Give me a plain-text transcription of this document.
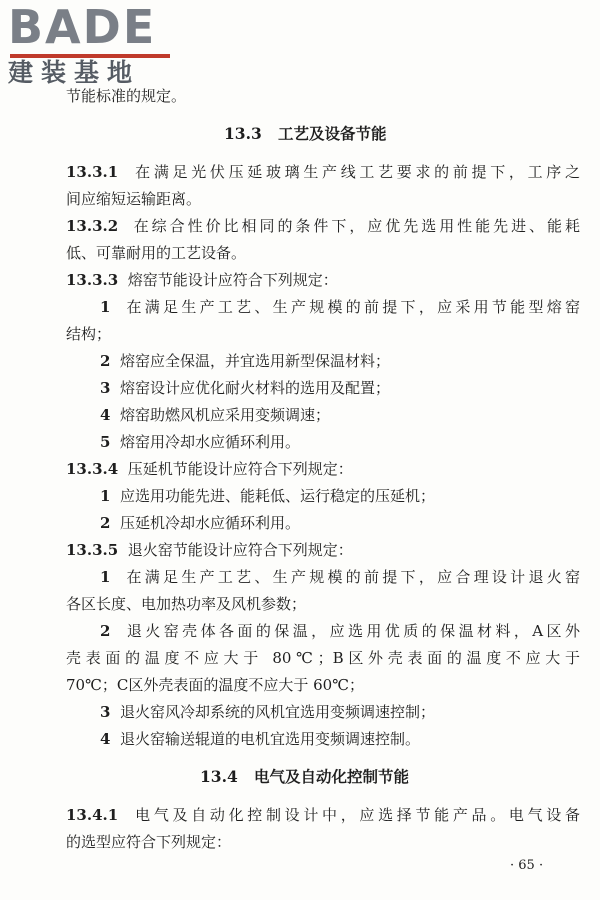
BADE
建装基地
节能标准的规定。
13.3 工艺及设备节能
13.3.1 在满足光伏压延玻璃生产线工艺要求的前提下，工序之
间应缩短运输距离。
13.3.2 在综合性价比相同的条件下，应优先选用性能先进、能耗
低、可靠耐用的工艺设备。
13.3.3 熔窑节能设计应符合下列规定：
1 在满足生产工艺、生产规模的前提下，应采用节能型熔窑
结构；
2 熔窑应全保温，并宜选用新型保温材料；
3 熔窑设计应优化耐火材料的选用及配置；
4 熔窑助燃风机应采用变频调速；
5 熔窑用冷却水应循环利用。
13.3.4 压延机节能设计应符合下列规定：
1 应选用功能先进、能耗低、运行稳定的压延机；
2 压延机冷却水应循环利用。
13.3.5 退火窑节能设计应符合下列规定：
1 在满足生产工艺、生产规模的前提下，应合理设计退火窑
各区长度、电加热功率及风机参数；
2 退火窑壳体各面的保温，应选用优质的保温材料，A区外
壳表面的温度不应大于 80℃；B区外壳表面的温度不应大于
70℃；C区外壳表面的温度不应大于 60℃；
3 退火窑风冷却系统的风机宜选用变频调速控制；
4 退火窑输送辊道的电机宜选用变频调速控制。
13.4 电气及自动化控制节能
13.4.1 电气及自动化控制设计中，应选择节能产品。电气设备
的选型应符合下列规定：
· 65 ·
